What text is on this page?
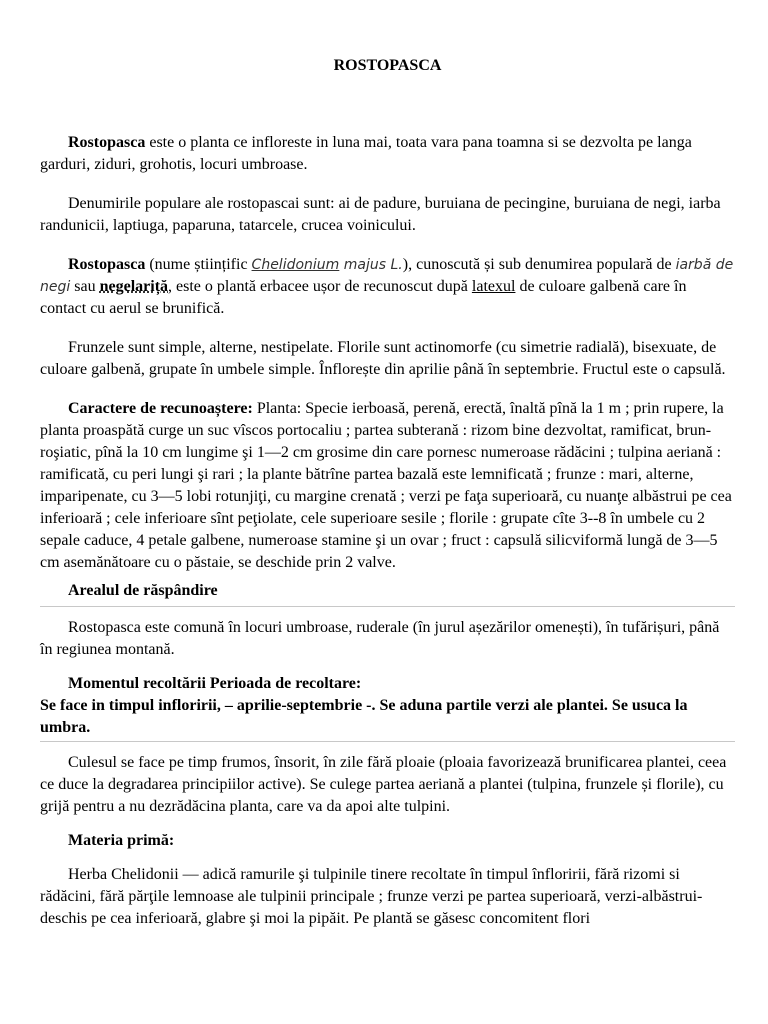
ROSTOPASCA

Rostopasca este o planta ce infloreste in luna mai, toata vara pana toamna si se dezvolta pe langa garduri, ziduri, grohotis, locuri umbroase.

Denumirile populare ale rostopascai sunt: ai de padure, buruiana de pecingine, buruiana de negi, iarba randunicii, laptiuga, paparuna, tatarcele, crucea voinicului.

Rostopasca (nume științific Chelidonium majus L.), cunoscută și sub denumirea populară de iarbă de negi sau negelariță, este o plantă erbacee ușor de recunoscut după latexul de culoare galbenă care în contact cu aerul se brunifică.

Frunzele sunt simple, alterne, nestipelate. Florile sunt actinomorfe (cu simetrie radială), bisexuate, de culoare galbenă, grupate în umbele simple. Înflorește din aprilie până în septembrie. Fructul este o capsulă.

Caractere de recunoaștere: Planta: Specie ierboasă, perenă, erectă, înaltă pînă la 1 m ; prin rupere, la planta proaspătă curge un suc vîscos portocaliu ; partea subterană : rizom bine dezvoltat, ramificat, brun-roşiatic, pînă la 10 cm lungime şi 1—2 cm grosime din care pornesc numeroase rădăcini ; tulpina aeriană : ramificată, cu peri lungi şi rari ; la plante bătrîne partea bazală este lemnificată ; frunze : mari, alterne, imparipenate, cu 3—5 lobi rotunjiţi, cu margine crenată ; verzi pe faţa superioară, cu nuanţe albăstrui pe cea inferioară ; cele inferioare sînt peţiolate, cele superioare sesile ; florile : grupate cîte 3--8 în umbele cu 2 sepale caduce, 4 petale galbene, numeroase stamine şi un ovar ; fruct : capsulă silicviformă lungă de 3—5 cm asemănătoare cu o păstaie, se deschide prin 2 valve.

Arealul de răspândire

Rostopasca este comună în locuri umbroase, ruderale (în jurul așezărilor omenești), în tufărișuri, până în regiunea montană.

Momentul recoltării Perioada de recoltare:
Se face in timpul infloririi, – aprilie-septembrie -. Se aduna partile verzi ale plantei. Se usuca la umbra.

Culesul se face pe timp frumos, însorit, în zile fără ploaie (ploaia favorizează brunificarea plantei, ceea ce duce la degradarea principiilor active). Se culege partea aeriană a plantei (tulpina, frunzele și florile), cu grijă pentru a nu dezrădăcina planta, care va da apoi alte tulpini.

Materia primă:

Herba Chelidonii — adică ramurile şi tulpinile tinere recoltate în timpul înfloririi, fără rizomi si rădăcini, fără părţile lemnoase ale tulpinii principale ; frunze verzi pe partea superioară, verzi-albăstrui-deschis pe cea inferioară, glabre şi moi la pipăit. Pe plantă se găsesc concomitent flori
